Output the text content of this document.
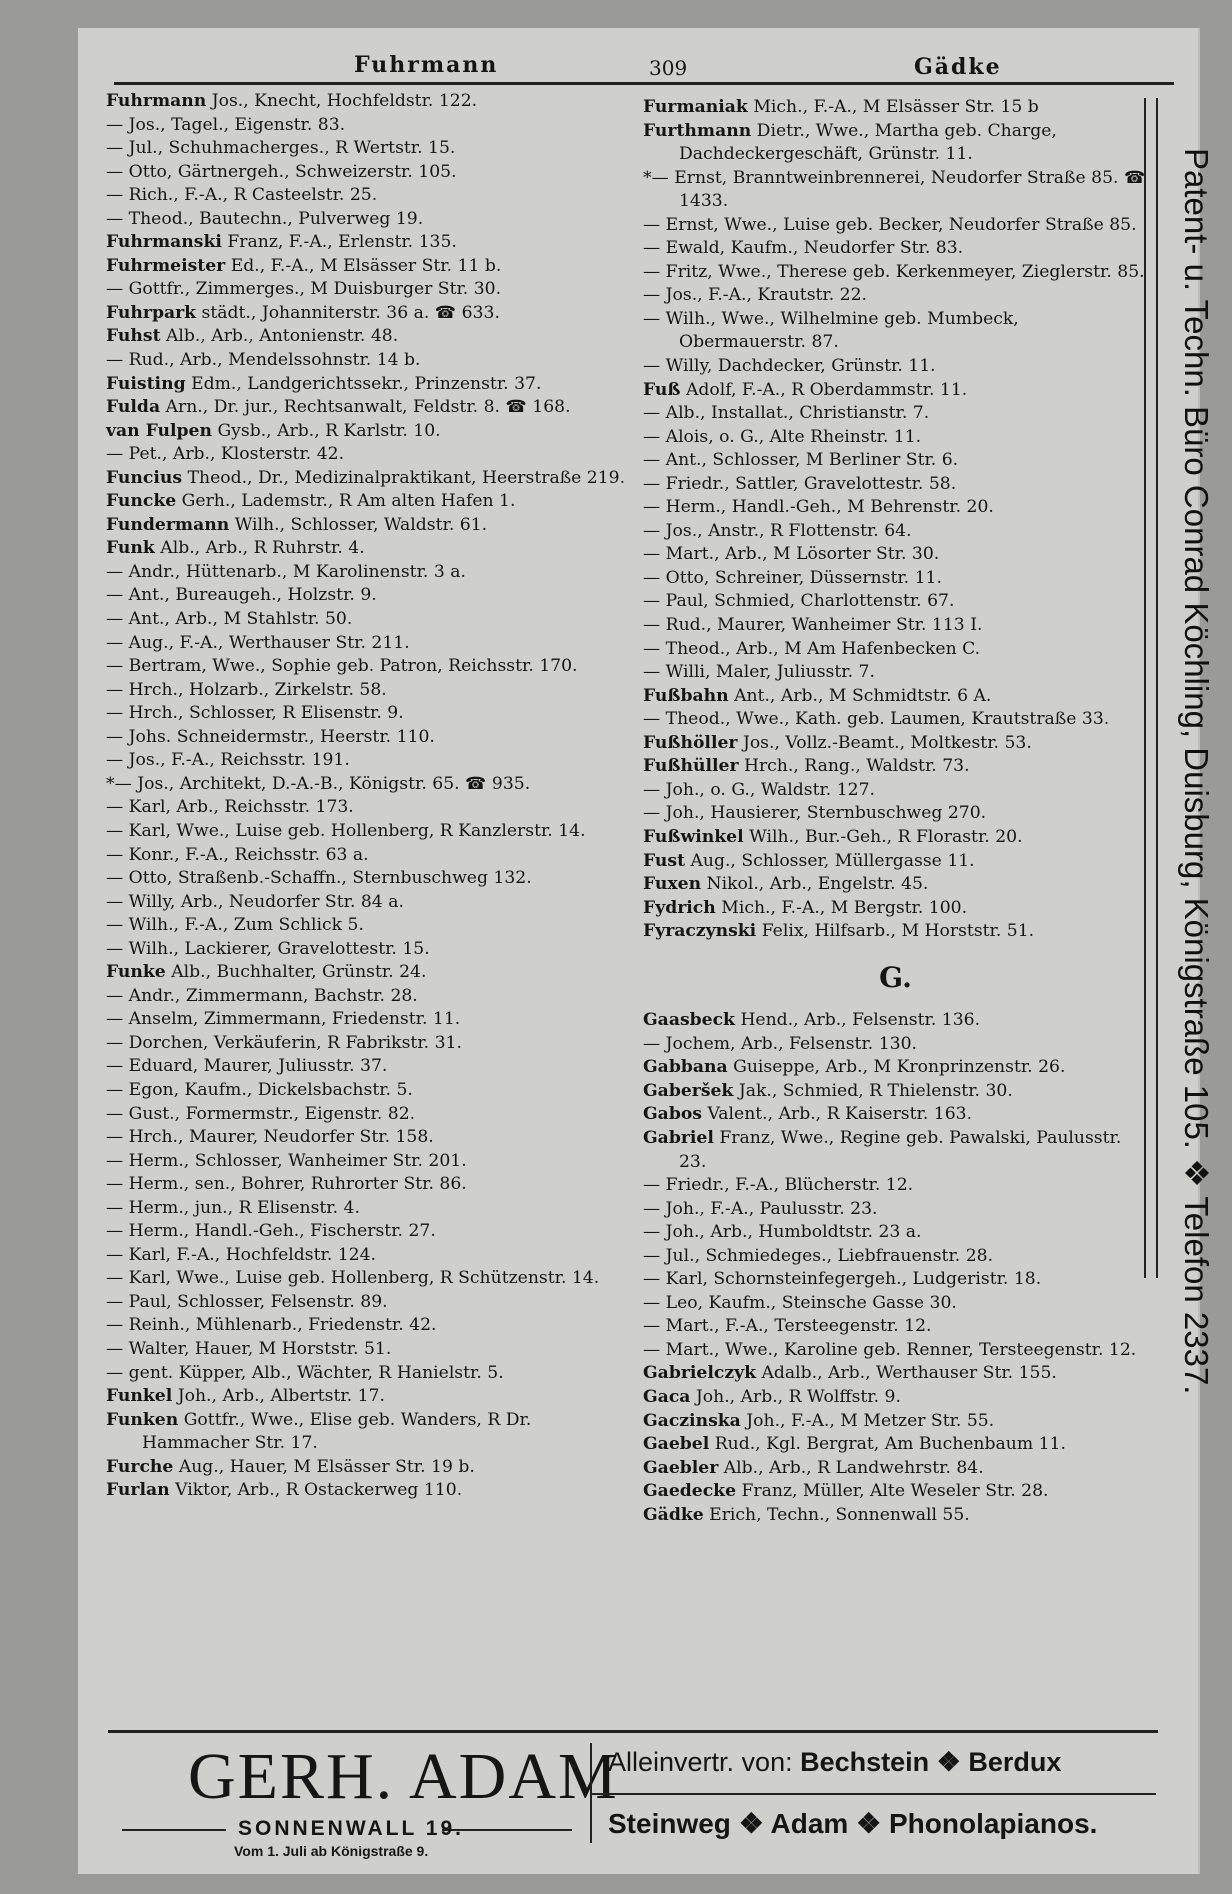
Fuhrmann	309	Gädke

Fuhrmann Jos., Knecht, Hochfeldstr. 122.

— Jos., Tagel., Eigenstr. 83.

— Jul., Schuhmacherges., R Wertstr. 15.

— Otto, Gärtnergeh., Schweizerstr. 105.

— Rich., F.-A., R Casteelstr. 25.

— Theod., Bautechn., Pulverweg 19.

Fuhrmanski Franz, F.-A., Erlenstr. 135.

Fuhrmeister Ed., F.-A., M Elsässer Str. 11 b.

— Gottfr., Zimmerges., M Duisburger Str. 30.

Fuhrpark städt., Johanniterstr. 36 a. ☎ 633.

Fuhst Alb., Arb., Antonienstr. 48.

— Rud., Arb., Mendelssohnstr. 14 b.

Fuisting Edm., Landgerichtssekr., Prinzenstr. 37.

Fulda Arn., Dr. jur., Rechtsanwalt, Feldstr. 8. ☎ 168.

van Fulpen Gysb., Arb., R Karlstr. 10.

— Pet., Arb., Klosterstr. 42.

Funcius Theod., Dr., Medizinalpraktikant, Heerstraße 219.

Funcke Gerh., Lademstr., R Am alten Hafen 1.

Fundermann Wilh., Schlosser, Waldstr. 61.

Funk Alb., Arb., R Ruhrstr. 4.

— Andr., Hüttenarb., M Karolinenstr. 3 a.

— Ant., Bureaugeh., Holzstr. 9.

— Ant., Arb., M Stahlstr. 50.

— Aug., F.-A., Werthauser Str. 211.

— Bertram, Wwe., Sophie geb. Patron, Reichsstr. 170.

— Hrch., Holzarb., Zirkelstr. 58.

— Hrch., Schlosser, R Elisenstr. 9.

— Johs. Schneidermstr., Heerstr. 110.

— Jos., F.-A., Reichsstr. 191.

*— Jos., Architekt, D.-A.-B., Königstr. 65. ☎ 935.

— Karl, Arb., Reichsstr. 173.

— Karl, Wwe., Luise geb. Hollenberg, R Kanzlerstr. 14.

— Konr., F.-A., Reichsstr. 63 a.

— Otto, Straßenb.-Schaffn., Sternbuschweg 132.

— Willy, Arb., Neudorfer Str. 84 a.

— Wilh., F.-A., Zum Schlick 5.

— Wilh., Lackierer, Gravelottestr. 15.

Funke Alb., Buchhalter, Grünstr. 24.

— Andr., Zimmermann, Bachstr. 28.

— Anselm, Zimmermann, Friedenstr. 11.

— Dorchen, Verkäuferin, R Fabrikstr. 31.

— Eduard, Maurer, Juliusstr. 37.

— Egon, Kaufm., Dickelsbachstr. 5.

— Gust., Formermstr., Eigenstr. 82.

— Hrch., Maurer, Neudorfer Str. 158.

— Herm., Schlosser, Wanheimer Str. 201.

— Herm., sen., Bohrer, Ruhrorter Str. 86.

— Herm., jun., R Elisenstr. 4.

— Herm., Handl.-Geh., Fischerstr. 27.

— Karl, F.-A., Hochfeldstr. 124.

— Karl, Wwe., Luise geb. Hollenberg, R Schützenstr. 14.

— Paul, Schlosser, Felsenstr. 89.

— Reinh., Mühlenarb., Friedenstr. 42.

— Walter, Hauer, M Horststr. 51.

— gent. Küpper, Alb., Wächter, R Hanielstr. 5.

Funkel Joh., Arb., Albertstr. 17.

Funken Gottfr., Wwe., Elise geb. Wanders, R Dr. Hammacher Str. 17.

Furche Aug., Hauer, M Elsässer Str. 19 b.

Furlan Viktor, Arb., R Ostackerweg 110.

Furmaniak Mich., F.-A., M Elsässer Str. 15 b

Furthmann Dietr., Wwe., Martha geb. Charge, Dachdeckergeschäft, Grünstr. 11.

*— Ernst, Branntweinbrennerei, Neudorfer Straße 85. ☎ 1433.

— Ernst, Wwe., Luise geb. Becker, Neudorfer Straße 85.

— Ewald, Kaufm., Neudorfer Str. 83.

— Fritz, Wwe., Therese geb. Kerkenmeyer, Zieglerstr. 85.

— Jos., F.-A., Krautstr. 22.

— Wilh., Wwe., Wilhelmine geb. Mumbeck, Obermauerstr. 87.

— Willy, Dachdecker, Grünstr. 11.

Fuß Adolf, F.-A., R Oberdammstr. 11.

— Alb., Installat., Christianstr. 7.

— Alois, o. G., Alte Rheinstr. 11.

— Ant., Schlosser, M Berliner Str. 6.

— Friedr., Sattler, Gravelottestr. 58.

— Herm., Handl.-Geh., M Behrenstr. 20.

— Jos., Anstr., R Flottenstr. 64.

— Mart., Arb., M Lösorter Str. 30.

— Otto, Schreiner, Düssernstr. 11.

— Paul, Schmied, Charlottenstr. 67.

— Rud., Maurer, Wanheimer Str. 113 I.

— Theod., Arb., M Am Hafenbecken C.

— Willi, Maler, Juliusstr. 7.

Fußbahn Ant., Arb., M Schmidtstr. 6 A.

— Theod., Wwe., Kath. geb. Laumen, Krautstraße 33.

Fußhöller Jos., Vollz.-Beamt., Moltkestr. 53.

Fußhüller Hrch., Rang., Waldstr. 73.

— Joh., o. G., Waldstr. 127.

— Joh., Hausierer, Sternbuschweg 270.

Fußwinkel Wilh., Bur.-Geh., R Florastr. 20.

Fust Aug., Schlosser, Müllergasse 11.

Fuxen Nikol., Arb., Engelstr. 45.

Fydrich Mich., F.-A., M Bergstr. 100.

Fyraczynski Felix, Hilfsarb., M Horststr. 51.

G.

Gaasbeck Hend., Arb., Felsenstr. 136.

— Jochem, Arb., Felsenstr. 130.

Gabbana Guiseppe, Arb., M Kronprinzenstr. 26.

Gaberšek Jak., Schmied, R Thielenstr. 30.

Gabos Valent., Arb., R Kaiserstr. 163.

Gabriel Franz, Wwe., Regine geb. Pawalski, Paulusstr. 23.

— Friedr., F.-A., Blücherstr. 12.

— Joh., F.-A., Paulusstr. 23.

— Joh., Arb., Humboldtstr. 23 a.

— Jul., Schmiedeges., Liebfrauenstr. 28.

— Karl, Schornsteinfegergeh., Ludgeristr. 18.

— Leo, Kaufm., Steinsche Gasse 30.

— Mart., F.-A., Tersteegenstr. 12.

— Mart., Wwe., Karoline geb. Renner, Tersteegenstr. 12.

Gabrielczyk Adalb., Arb., Werthauser Str. 155.

Gaca Joh., Arb., R Wolffstr. 9.

Gaczinska Joh., F.-A., M Metzer Str. 55.

Gaebel Rud., Kgl. Bergrat, Am Buchenbaum 11.

Gaebler Alb., Arb., R Landwehrstr. 84.

Gaedecke Franz, Müller, Alte Weseler Str. 28.

Gädke Erich, Techn., Sonnenwall 55.

Patent- u. Techn. Büro Conrad Köchling, Duisburg, Königstraße 105. ❖ Telefon 2337.
GERH. ADAM
SONNENWALL 19.
Vom 1. Juli ab Königstraße 9.
Alleinvertr. von: Bechstein ❖ Berdux
Steinweg ❖ Adam ❖ Phonolapianos.
